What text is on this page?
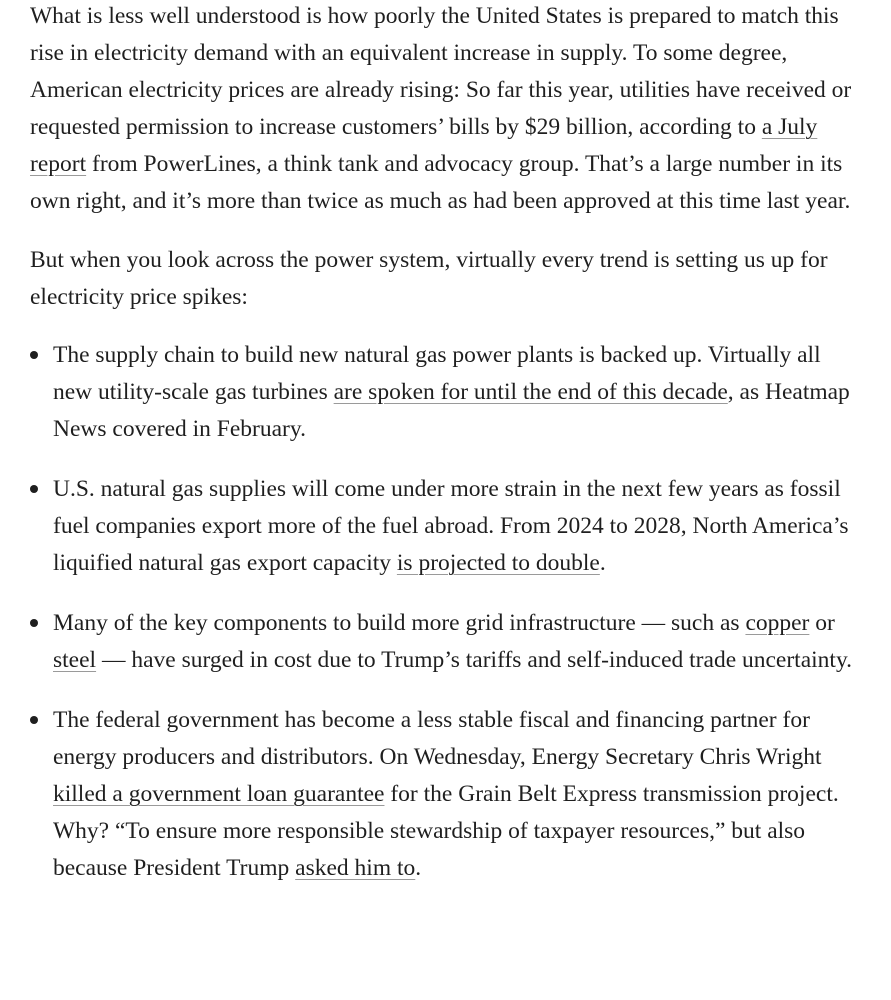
What is less well understood is how poorly the United States is prepared to match this rise in electricity demand with an equivalent increase in supply. To some degree, American electricity prices are already rising: So far this year, utilities have received or requested permission to increase customers’ bills by $29 billion, according to a July report from PowerLines, a think tank and advocacy group. That’s a large number in its own right, and it’s more than twice as much as had been approved at this time last year.

But when you look across the power system, virtually every trend is setting us up for electricity price spikes:

The supply chain to build new natural gas power plants is backed up. Virtually all new utility-scale gas turbines are spoken for until the end of this decade, as Heatmap News covered in February.
U.S. natural gas supplies will come under more strain in the next few years as fossil fuel companies export more of the fuel abroad. From 2024 to 2028, North America’s liquified natural gas export capacity is projected to double.
Many of the key components to build more grid infrastructure — such as copper or steel — have surged in cost due to Trump’s tariffs and self-induced trade uncertainty.
The federal government has become a less stable fiscal and financing partner for energy producers and distributors. On Wednesday, Energy Secretary Chris Wright killed a government loan guarantee for the Grain Belt Express transmission project. Why? “To ensure more responsible stewardship of taxpayer resources,” but also because President Trump asked him to.
